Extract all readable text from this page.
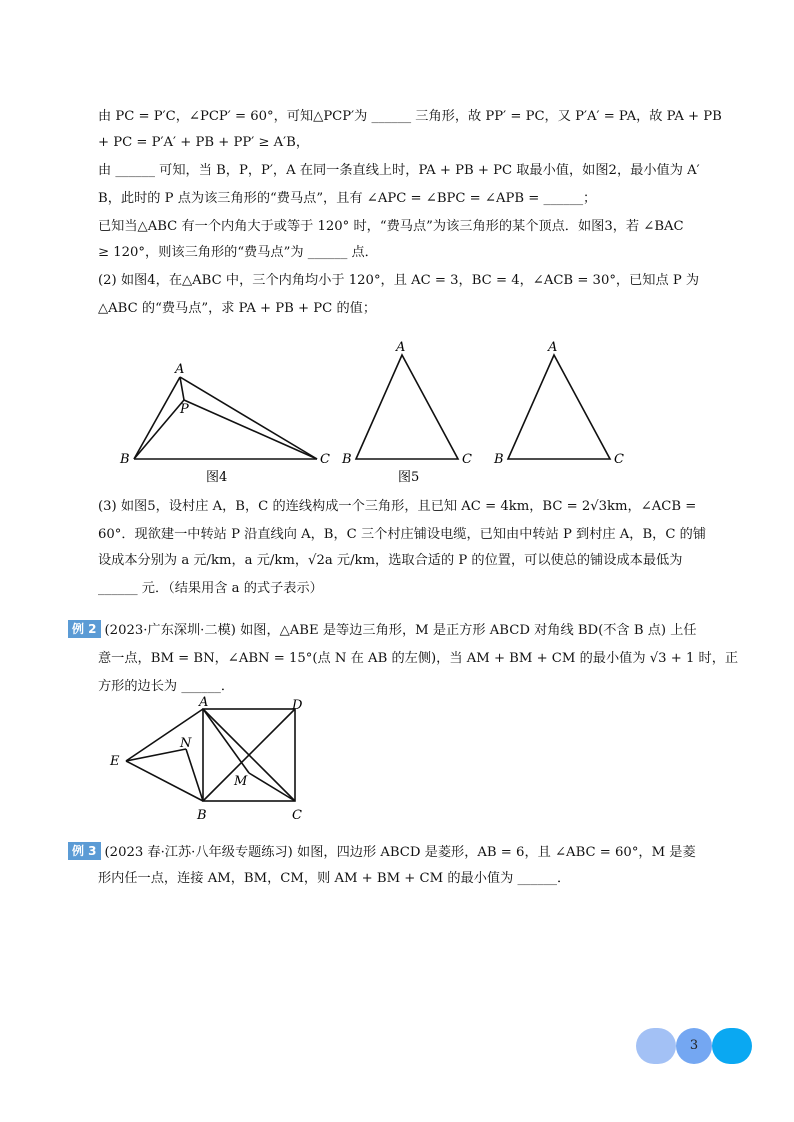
由 PC = P′C，∠PCP′ = 60°，可知△PCP′为 ______ 三角形，故 PP′ = PC，又 P′A′ = PA，故 PA + PB
+ PC = P′A′ + PB + PP′ ≥ A′B，
由 ______ 可知，当 B，P，P′，A 在同一条直线上时，PA + PB + PC 取最小值，如图2，最小值为 A′
B，此时的 P 点为该三角形的“费马点”，且有 ∠APC = ∠BPC = ∠APB = ______；
已知当△ABC 有一个内角大于或等于 120° 时，“费马点”为该三角形的某个顶点．如图3，若 ∠BAC
≥ 120°，则该三角形的“费马点”为 ______ 点．
(2) 如图4，在△ABC 中，三个内角均小于 120°，且 AC = 3，BC = 4，∠ACB = 30°，已知点 P 为
△ABC 的“费马点”，求 PA + PB + PC 的值；
A
P
B	C
图4
A
B	C
图5
A
B	C
(3) 如图5，设村庄 A，B，C 的连线构成一个三角形，且已知 AC = 4km，BC = 2√3km，∠ACB =
60°．现欲建一中转站 P 沿直线向 A，B，C 三个村庄铺设电缆，已知由中转站 P 到村庄 A，B，C 的铺
设成本分别为 a 元/km，a 元/km，√2a 元/km，选取合适的 P 的位置，可以使总的铺设成本最低为
______ 元．（结果用含 a 的式子表示）
例 2 (2023·广东深圳·二模) 如图，△ABE 是等边三角形，M 是正方形 ABCD 对角线 BD(不含 B 点) 上任
意一点，BM = BN，∠ABN = 15°(点 N 在 AB 的左侧)，当 AM + BM + CM 的最小值为 √3 + 1 时，正
方形的边长为 ______．
A	D
E
N
M
B	C
例 3 (2023 春·江苏·八年级专题练习) 如图，四边形 ABCD 是菱形，AB = 6，且 ∠ABC = 60°，M 是菱
形内任一点，连接 AM，BM，CM，则 AM + BM + CM 的最小值为 ______．
3
